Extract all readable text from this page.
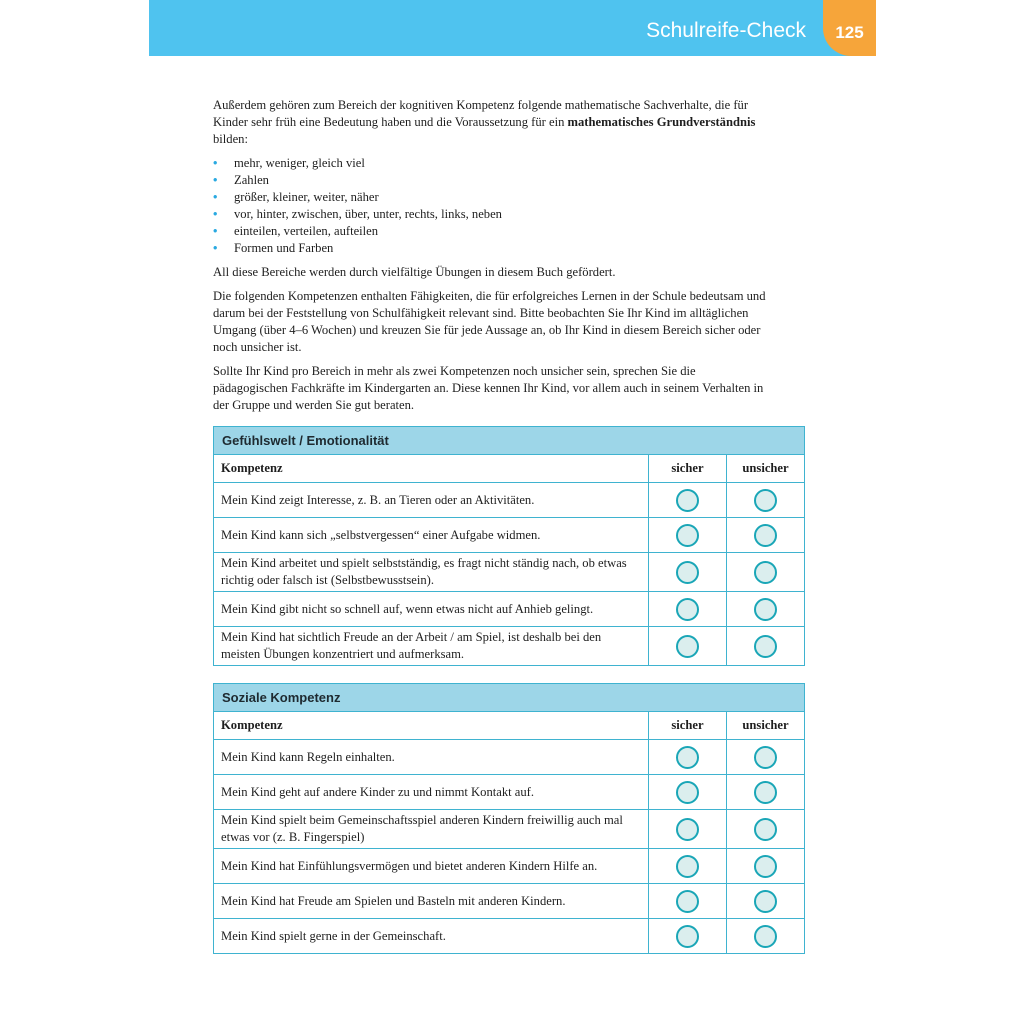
Schulreife-Check	125

Außerdem gehören zum Bereich der kognitiven Kompetenz folgende mathematische Sachverhalte, die für Kinder sehr früh eine Bedeutung haben und die Voraussetzung für ein mathematisches Grundverständnis bilden:

• mehr, weniger, gleich viel
• Zahlen
• größer, kleiner, weiter, näher
• vor, hinter, zwischen, über, unter, rechts, links, neben
• einteilen, verteilen, aufteilen
• Formen und Farben

All diese Bereiche werden durch vielfältige Übungen in diesem Buch gefördert.

Die folgenden Kompetenzen enthalten Fähigkeiten, die für erfolgreiches Lernen in der Schule bedeutsam und darum bei der Feststellung von Schulfähigkeit relevant sind. Bitte beobachten Sie Ihr Kind im alltäglichen Umgang (über 4–6 Wochen) und kreuzen Sie für jede Aussage an, ob Ihr Kind in diesem Bereich sicher oder noch unsicher ist.

Sollte Ihr Kind pro Bereich in mehr als zwei Kompetenzen noch unsicher sein, sprechen Sie die pädagogischen Fachkräfte im Kindergarten an. Diese kennen Ihr Kind, vor allem auch in seinem Verhalten in der Gruppe und werden Sie gut beraten.

Gefühlswelt / Emotionalität		
Kompetenz	sicher	unsicher
Mein Kind zeigt Interesse, z. B. an Tieren oder an Aktivitäten.		
Mein Kind kann sich „selbstvergessen“ einer Aufgabe widmen.		
Mein Kind arbeitet und spielt selbstständig, es fragt nicht ständig nach, ob etwas richtig oder falsch ist (Selbstbewusstsein).		
Mein Kind gibt nicht so schnell auf, wenn etwas nicht auf Anhieb gelingt.		
Mein Kind hat sichtlich Freude an der Arbeit / am Spiel, ist deshalb bei den meisten Übungen konzentriert und aufmerksam.		
Soziale Kompetenz		
Kompetenz	sicher	unsicher
Mein Kind kann Regeln einhalten.		
Mein Kind geht auf andere Kinder zu und nimmt Kontakt auf.		
Mein Kind spielt beim Gemeinschaftsspiel anderen Kindern freiwillig auch mal etwas vor (z. B. Fingerspiel)		
Mein Kind hat Einfühlungsvermögen und bietet anderen Kindern Hilfe an.		
Mein Kind hat Freude am Spielen und Basteln mit anderen Kindern.		
Mein Kind spielt gerne in der Gemeinschaft.		
